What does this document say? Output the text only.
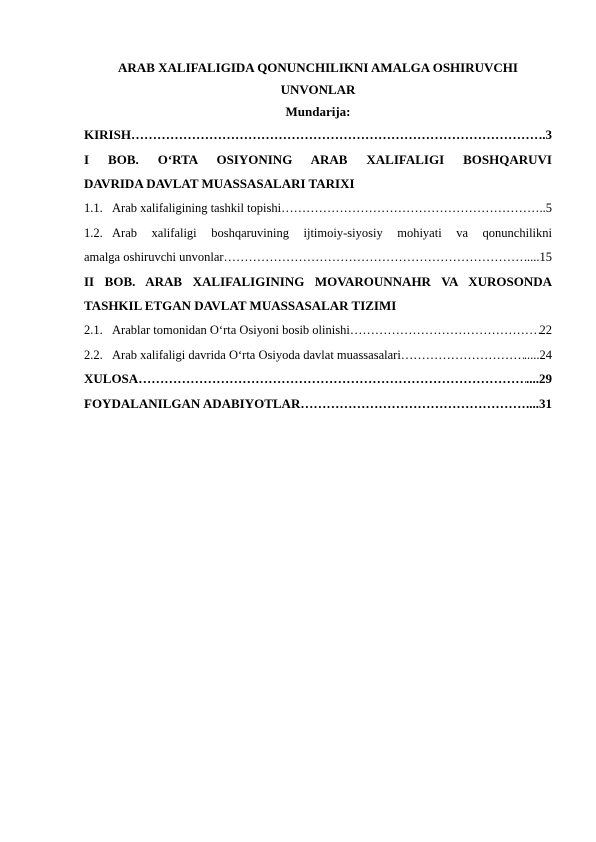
ARAB XALIFALIGIDA QONUNCHILIKNI AMALGA OSHIRUVCHI
UNVONLAR
Mundarija:
KIRISH ……………………………………………………………………………………………………………………………………………………………	.3
I BOB. O‘RTA OSIYONING ARAB XALIFALIGI BOSHQARUVI
DAVRIDA DAVLAT MUASSASALARI TARIXI
1.1. Arab xalifaligining tashkil topishi ……………………………………………………………………………………………………………………………………………………………	..5
1.2. Arab xalifaligi boshqaruvining ijtimoiy-siyosiy mohiyati va qonunchilikni
amalga oshiruvchi unvonlar ……………………………………………………………………………………………………………………………………………………………	....15
II BOB. ARAB XALIFALIGINING MOVAROUNNAHR VA XUROSONDA
TASHKIL ETGAN DAVLAT MUASSASALAR TIZIMI
2.1. Arablar tomonidan O‘rta Osiyoni bosib olinishi ……………………………………………………………………………………………………………………………………………………………	22
2.2. Arab xalifaligi davrida O‘rta Osiyoda davlat muassasalari ……………………………………………………………………………………………………………………………………………………………	.....24
XULOSA ……………………………………………………………………………………………………………………………………………………………	....29
FOYDALANILGAN ADABIYOTLAR ……………………………………………………………………………………………………………………………………………………………	....31
